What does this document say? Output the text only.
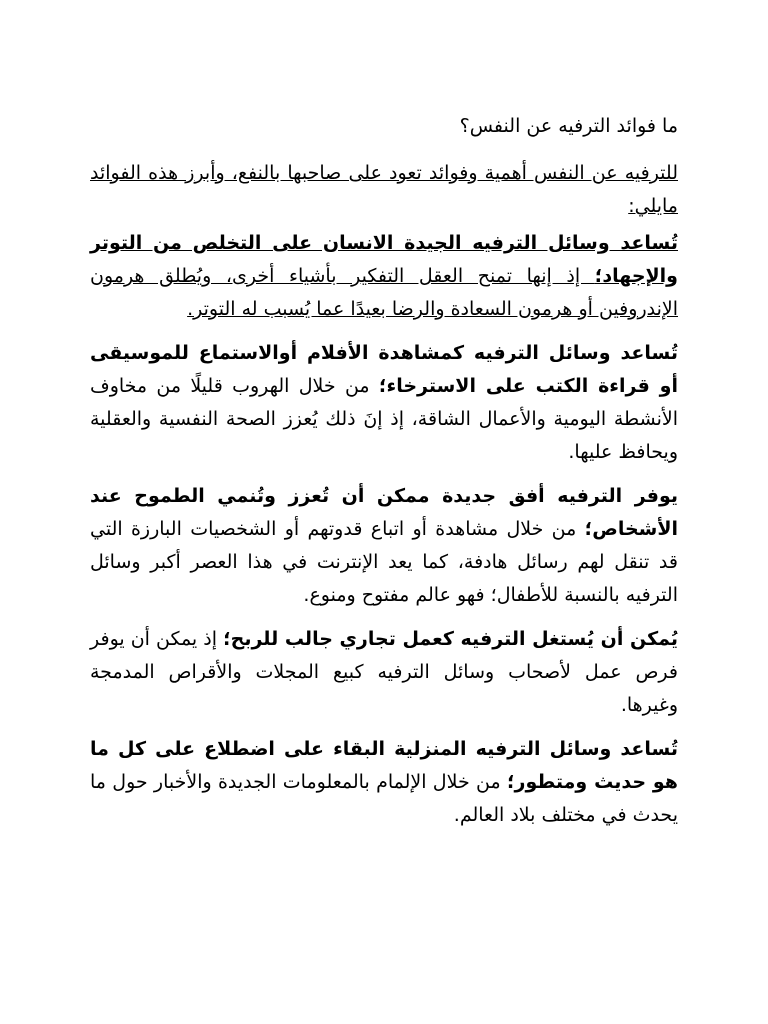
ما فوائد الترفيه عن النفس؟

للترفيه عن النفس أهمية وفوائد تعود على صاحبها بالنفع، وأبرز هذه الفوائد مايلي:

تُساعد وسائل الترفيه الجيدة الانسان على التخلص من التوتر والإجهاد؛ إذ إنها تمنح العقل التفكير بأشياء أخرى، ويُطلق هرمون الإندروفين أو هرمون السعادة والرضا بعيدًا عما يُسبب له التوتر.

تُساعد وسائل الترفيه كمشاهدة الأفلام أوالاستماع للموسيقى أو قراءة الكتب على الاسترخاء؛ من خلال الهروب قليلًا من مخاوف الأنشطة اليومية والأعمال الشاقة، إذ إنَ ذلك يُعزز الصحة النفسية والعقلية ويحافظ عليها.

يوفر الترفيه أفق جديدة ممكن أن تُعزز وتُنمي الطموح عند الأشخاص؛ من خلال مشاهدة أو اتباع قدوتهم أو الشخصيات البارزة التي قد تنقل لهم رسائل هادفة، كما يعد الإنترنت في هذا العصر أكبر وسائل الترفيه بالنسبة للأطفال؛ فهو عالم مفتوح ومنوع.

يُمكن أن يُستغل الترفيه كعمل تجاري جالب للربح؛ إذ يمكن أن يوفر فرص عمل لأصحاب وسائل الترفيه كبيع المجلات والأقراص المدمجة وغيرها.

تُساعد وسائل الترفيه المنزلية البقاء على اضطلاع على كل ما هو حديث ومتطور؛ من خلال الإلمام بالمعلومات الجديدة والأخبار حول ما يحدث في مختلف بلاد العالم.
